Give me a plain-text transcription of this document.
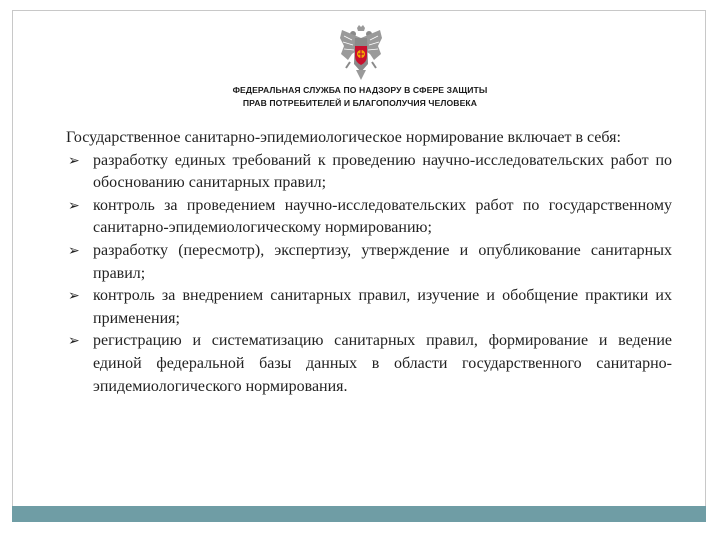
ФЕДЕРАЛЬНАЯ СЛУЖБА ПО НАДЗОРУ В СФЕРЕ ЗАЩИТЫ
ПРАВ ПОТРЕБИТЕЛЕЙ И БЛАГОПОЛУЧИЯ ЧЕЛОВЕКА

Государственное санитарно-эпидемиологическое нормирование включает в себя:

➢ разработку единых требований к проведению научно-исследовательских работ по обоснованию санитарных правил;
➢ контроль за проведением научно-исследовательских работ по государственному санитарно-эпидемиологическому нормированию;
➢ разработку (пересмотр), экспертизу, утверждение и опубликование санитарных правил;
➢ контроль за внедрением санитарных правил, изучение и обобщение практики их применения;
➢ регистрацию и систематизацию санитарных правил, формирование и ведение единой федеральной базы данных в области государственного санитарно-эпидемиологического нормирования.
